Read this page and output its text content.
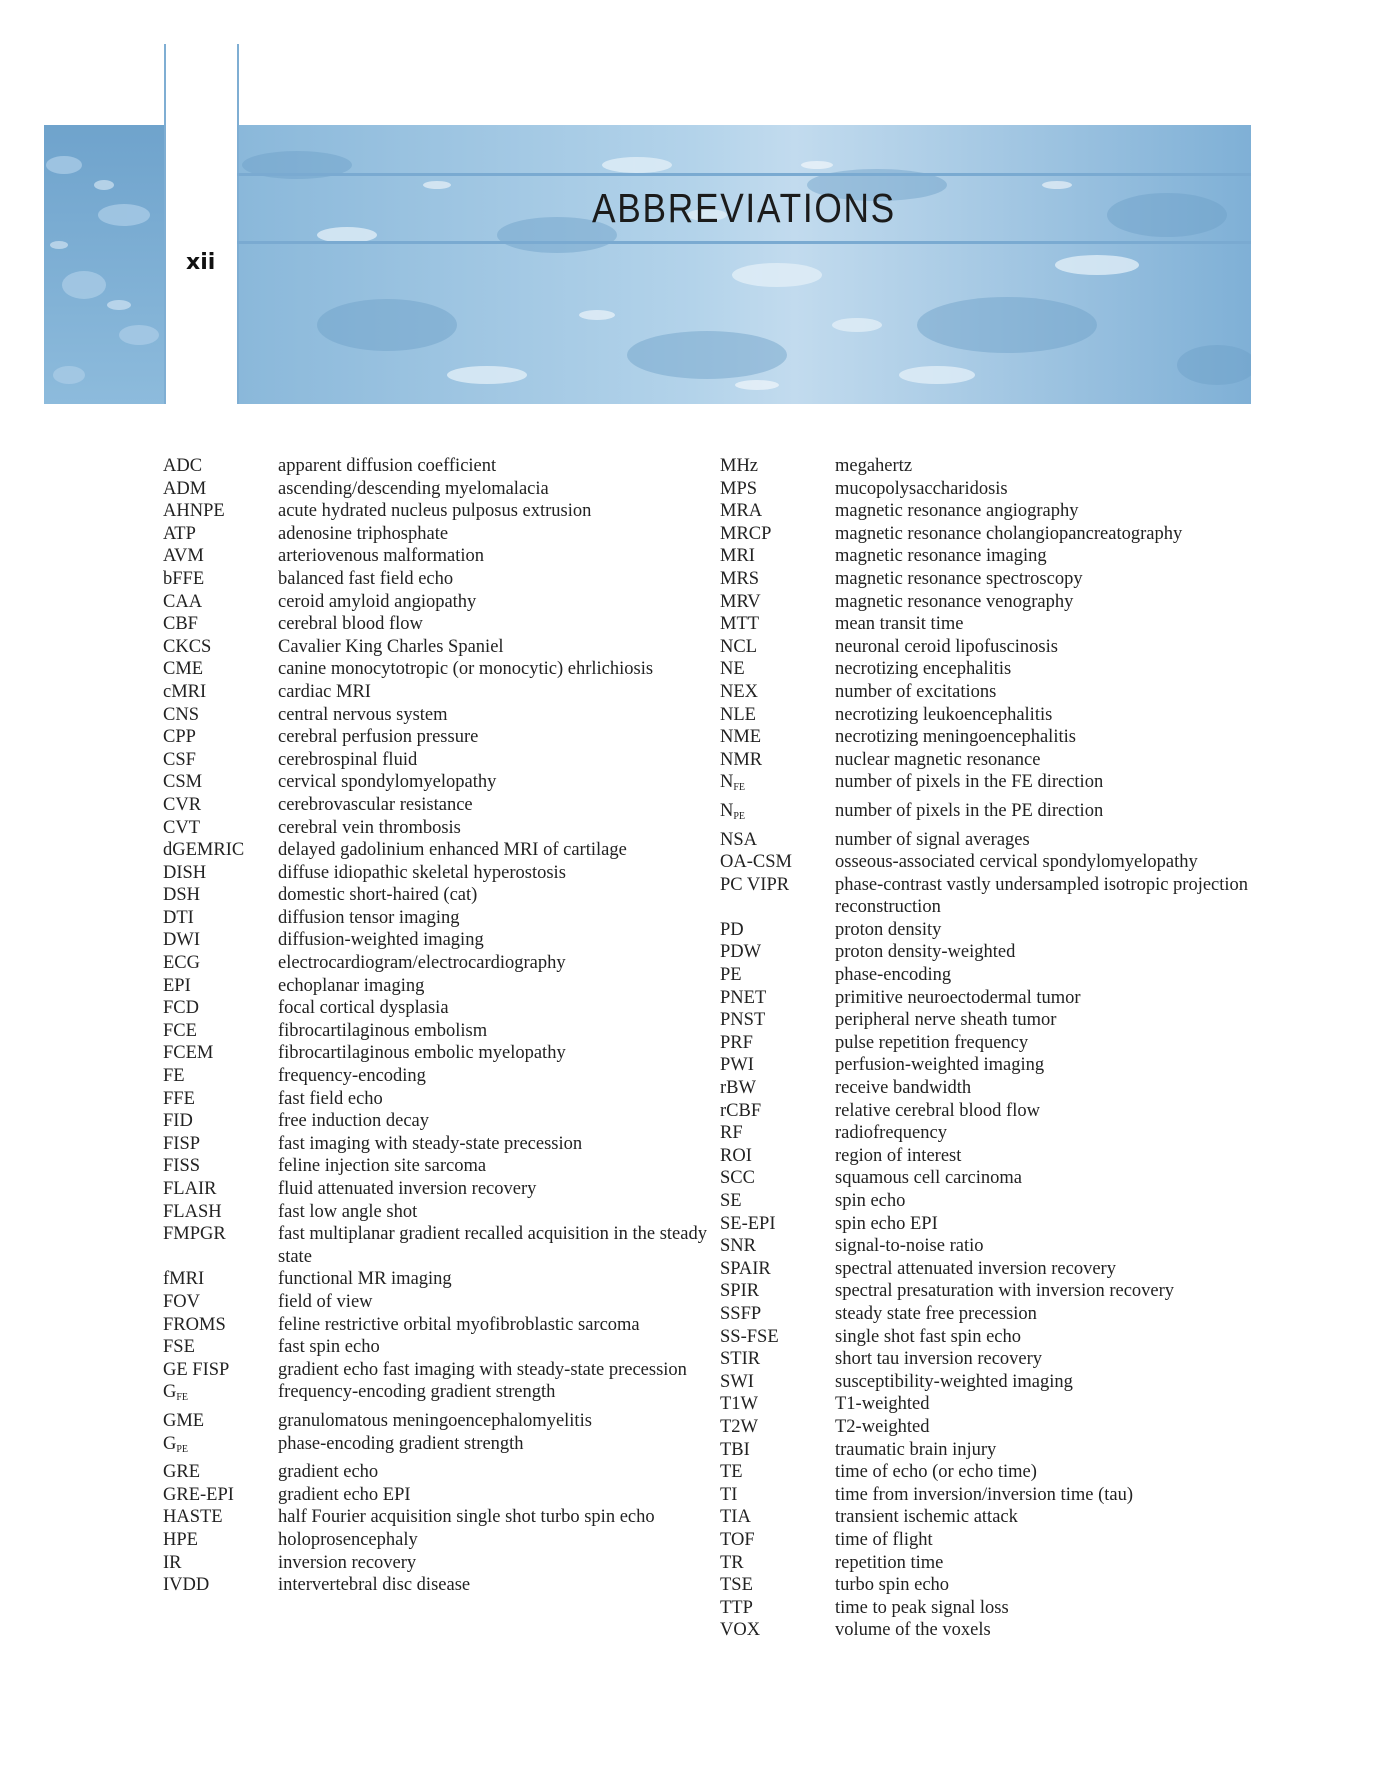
ABBREVIATIONS
xii
ADC	apparent diffusion coefficient
ADM	ascending/descending myelomalacia
AHNPE	acute hydrated nucleus pulposus extrusion
ATP	adenosine triphosphate
AVM	arteriovenous malformation
bFFE	balanced fast field echo
CAA	ceroid amyloid angiopathy
CBF	cerebral blood flow
CKCS	Cavalier King Charles Spaniel
CME	canine monocytotropic (or monocytic) ehrlichiosis
cMRI	cardiac MRI
CNS	central nervous system
CPP	cerebral perfusion pressure
CSF	cerebrospinal fluid
CSM	cervical spondylomyelopathy
CVR	cerebrovascular resistance
CVT	cerebral vein thrombosis
dGEMRIC	delayed gadolinium enhanced MRI of cartilage
DISH	diffuse idiopathic skeletal hyperostosis
DSH	domestic short-haired (cat)
DTI	diffusion tensor imaging
DWI	diffusion-weighted imaging
ECG	electrocardiogram/electrocardiography
EPI	echoplanar imaging
FCD	focal cortical dysplasia
FCE	fibrocartilaginous embolism
FCEM	fibrocartilaginous embolic myelopathy
FE	frequency-encoding
FFE	fast field echo
FID	free induction decay
FISP	fast imaging with steady-state precession
FISS	feline injection site sarcoma
FLAIR	fluid attenuated inversion recovery
FLASH	fast low angle shot
FMPGR	fast multiplanar gradient recalled acquisition in the steady state
fMRI	functional MR imaging
FOV	field of view
FROMS	feline restrictive orbital myofibroblastic sarcoma
FSE	fast spin echo
GE FISP	gradient echo fast imaging with steady-state precession
$G_{FE}$	frequency-encoding gradient strength
GME	granulomatous meningoencephalomyelitis
$G_{PE}$	phase-encoding gradient strength
GRE	gradient echo
GRE-EPI	gradient echo EPI
HASTE	half Fourier acquisition single shot turbo spin echo
HPE	holoprosencephaly
IR	inversion recovery
IVDD	intervertebral disc disease
MHz	megahertz
MPS	mucopolysaccharidosis
MRA	magnetic resonance angiography
MRCP	magnetic resonance cholangiopancreatography
MRI	magnetic resonance imaging
MRS	magnetic resonance spectroscopy
MRV	magnetic resonance venography
MTT	mean transit time
NCL	neuronal ceroid lipofuscinosis
NE	necrotizing encephalitis
NEX	number of excitations
NLE	necrotizing leukoencephalitis
NME	necrotizing meningoencephalitis
NMR	nuclear magnetic resonance
$N_{FE}$	number of pixels in the FE direction
$N_{PE}$	number of pixels in the PE direction
NSA	number of signal averages
OA-CSM	osseous-associated cervical spondylomyelopathy
PC VIPR	phase-contrast vastly undersampled isotropic projection reconstruction
PD	proton density
PDW	proton density-weighted
PE	phase-encoding
PNET	primitive neuroectodermal tumor
PNST	peripheral nerve sheath tumor
PRF	pulse repetition frequency
PWI	perfusion-weighted imaging
rBW	receive bandwidth
rCBF	relative cerebral blood flow
RF	radiofrequency
ROI	region of interest
SCC	squamous cell carcinoma
SE	spin echo
SE-EPI	spin echo EPI
SNR	signal-to-noise ratio
SPAIR	spectral attenuated inversion recovery
SPIR	spectral presaturation with inversion recovery
SSFP	steady state free precession
SS-FSE	single shot fast spin echo
STIR	short tau inversion recovery
SWI	susceptibility-weighted imaging
T1W	T1-weighted
T2W	T2-weighted
TBI	traumatic brain injury
TE	time of echo (or echo time)
TI	time from inversion/inversion time (tau)
TIA	transient ischemic attack
TOF	time of flight
TR	repetition time
TSE	turbo spin echo
TTP	time to peak signal loss
VOX	volume of the voxels
